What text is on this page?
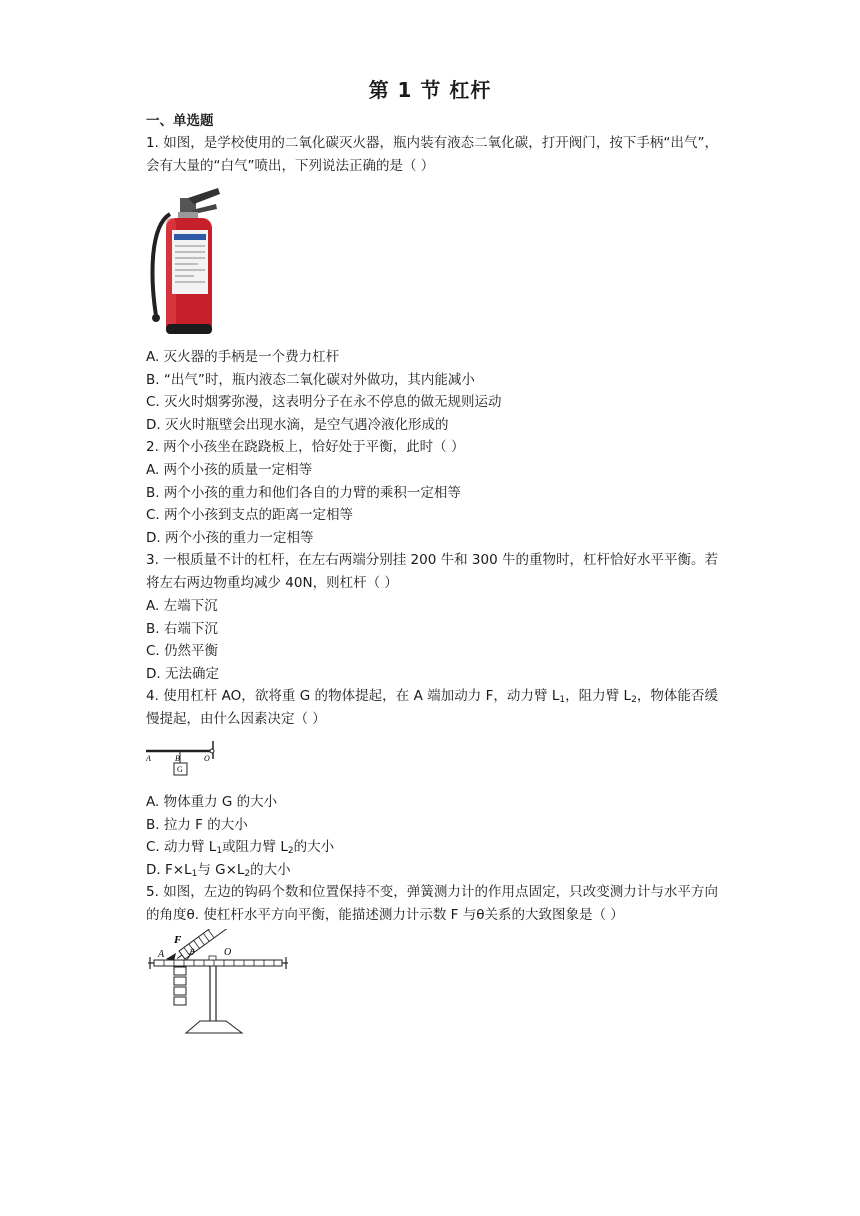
第 1 节 杠杆
一、单选题
1. 如图，是学校使用的二氧化碳灭火器，瓶内装有液态二氧化碳，打开阀门，按下手柄“出气”，会有大量的“白气”喷出，下列说法正确的是（ ）
A. 灭火器的手柄是一个费力杠杆
B. “出气”时，瓶内液态二氧化碳对外做功，其内能减小
C. 灭火时烟雾弥漫，这表明分子在永不停息的做无规则运动
D. 灭火时瓶壁会出现水滴，是空气遇冷液化形成的
2. 两个小孩坐在跷跷板上，恰好处于平衡，此时（ ）
A. 两个小孩的质量一定相等
B. 两个小孩的重力和他们各自的力臂的乘积一定相等
C. 两个小孩到支点的距离一定相等
D. 两个小孩的重力一定相等
3. 一根质量不计的杠杆，在左右两端分别挂 200 牛和 300 牛的重物时，杠杆恰好水平平衡。若将左右两边物重均减少 40N，则杠杆（ ）
A. 左端下沉
B. 右端下沉
C. 仍然平衡
D. 无法确定
4. 使用杠杆 AO，欲将重 G 的物体提起，在 A 端加动力 F，动力臂 $L_1$，阻力臂 $L_2$，物体能否缓慢提起，由什么因素决定（ ）
A	B	O
G
A. 物体重力 G 的大小
B. 拉力 F 的大小
C. 动力臂 $L_1$或阻力臂 $L_2$的大小
D. $F\times L_1$与 $G\times L_2$的大小
5. 如图，左边的钩码个数和位置保持不变，弹簧测力计的作用点固定，只改变测力计与水平方向的角度θ. 使杠杆水平方向平衡，能描述测力计示数 F 与θ关系的大致图象是（ ）
A
F
θ	O
